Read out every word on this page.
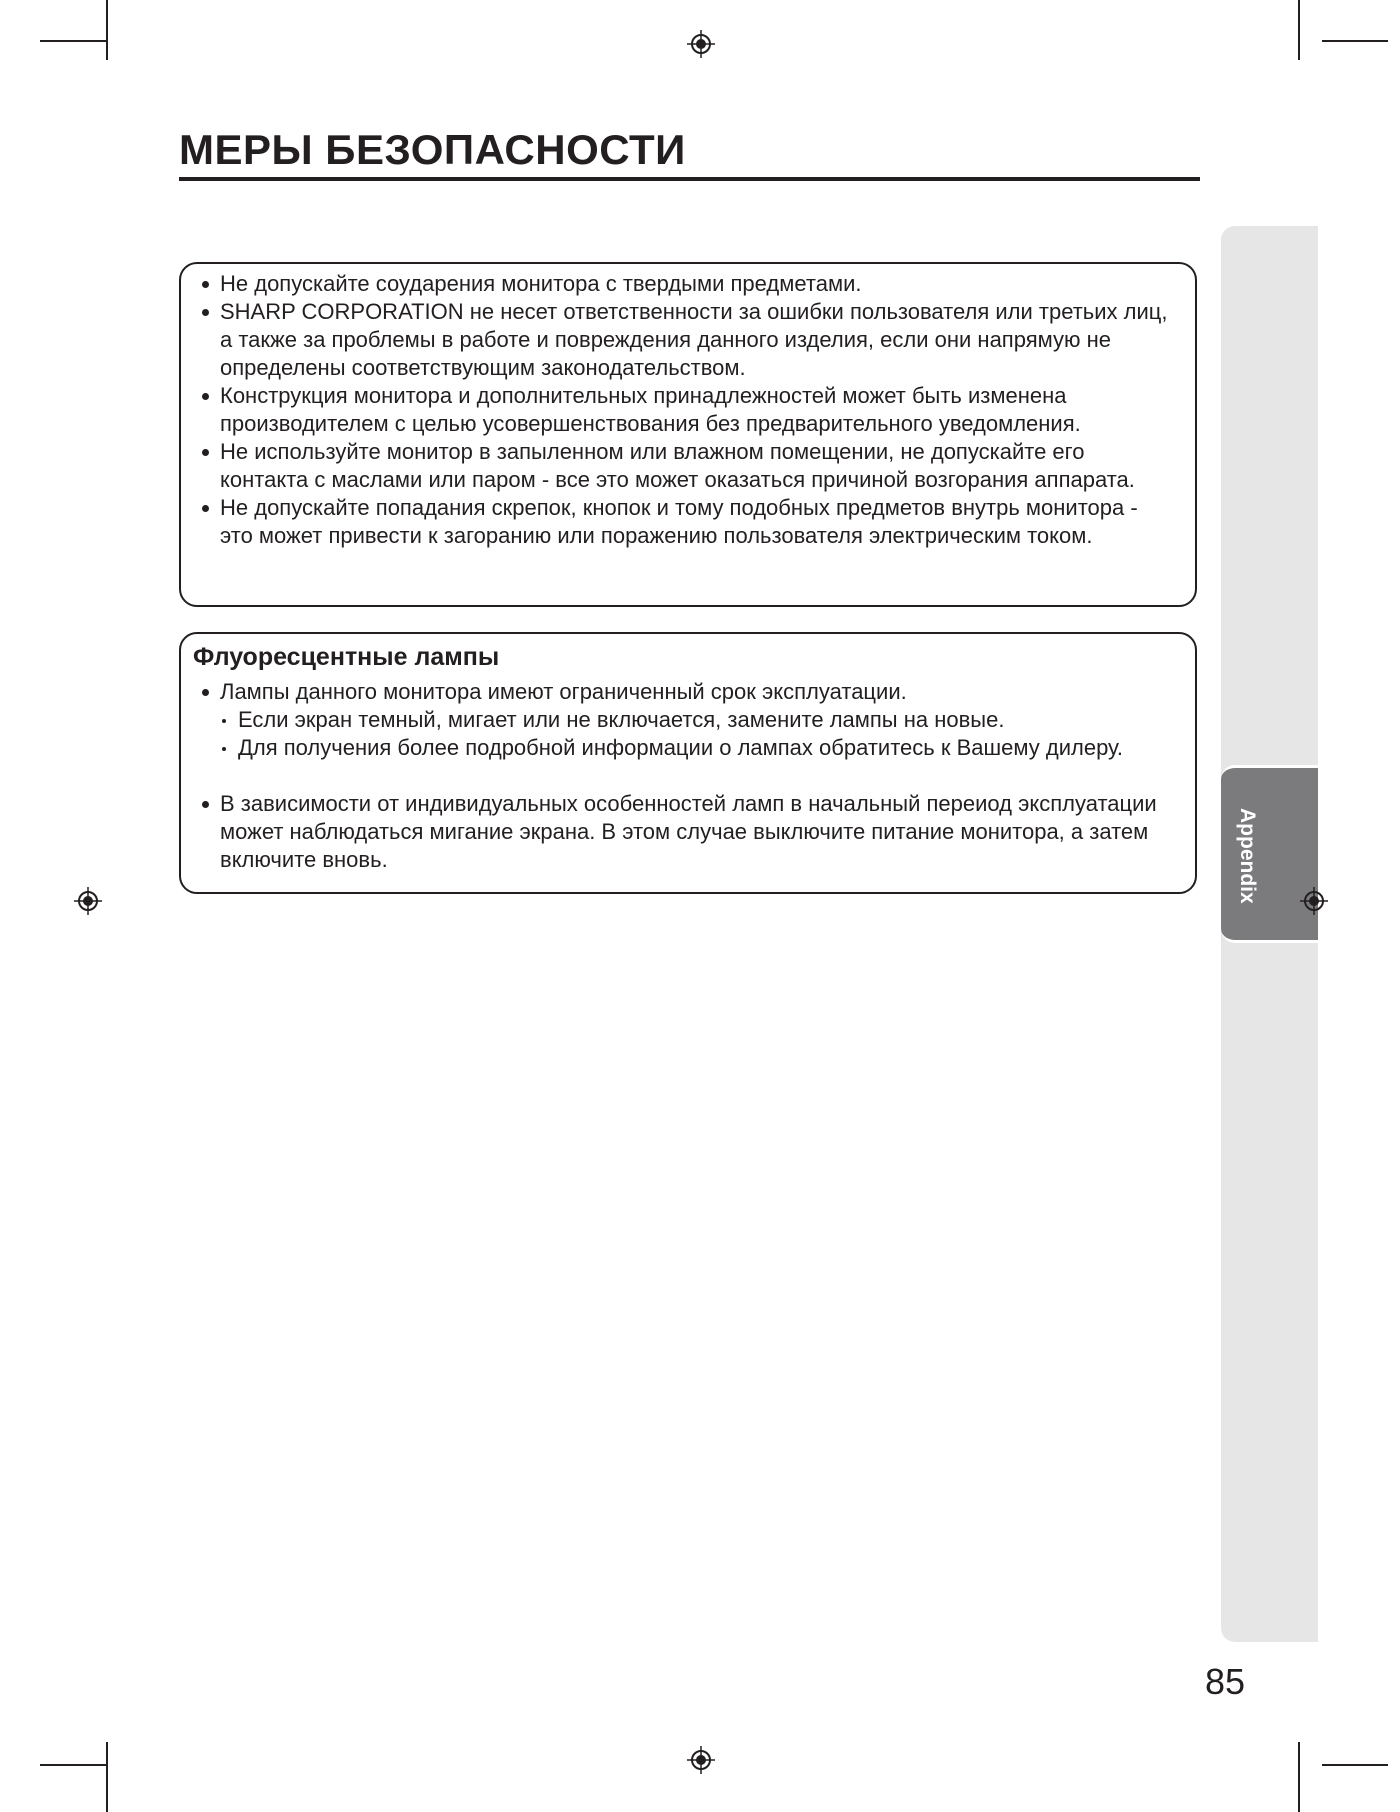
МЕРЫ БЕЗОПАСНОСТИ
Не допускайте соударения монитора с твердыми предметами.
SHARP CORPORATION не несет ответственности за ошибки пользователя или третьих лиц, а также за проблемы в работе и повреждения данного изделия, если они напрямую не определены соответствующим законодательством.
Конструкция монитора и дополнительных принадлежностей может быть изменена производителем с целью усовершенствования без предварительного уведомления.
Не используйте монитор в запыленном или влажном помещении, не допускайте его контакта с маслами или паром - все это может оказаться причиной возгорания аппарата.
Не допускайте попадания скрепок, кнопок и тому подобных предметов внутрь монитора - это может привести к загоранию или поражению пользователя электрическим током.
Флуоресцентные лампы
Лампы данного монитора имеют ограниченный срок эксплуатации.
Если экран темный, мигает или не включается, замените лампы на новые.
Для получения более подробной информации о лампах обратитесь к Вашему дилеру.
В зависимости от индивидуальных особенностей ламп в начальный переиод эксплуатации может наблюдаться мигание экрана. В этом случае выключите питание монитора, а затем включите вновь.	Appendix
85
